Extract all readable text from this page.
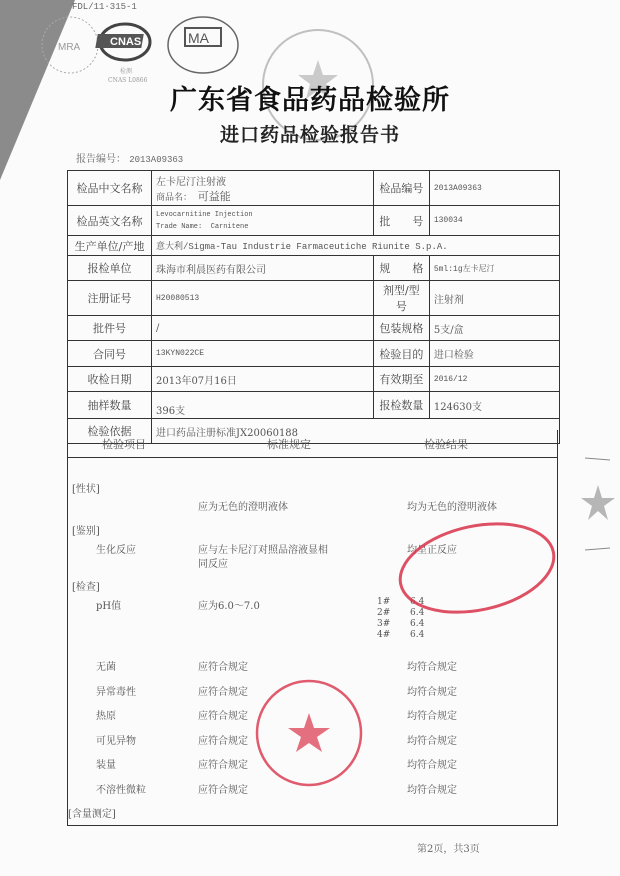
FDL/11·315-1
MRA	CNAS
检测
CNAS L0866
MA
广东省食品药品检验所
进口药品检验报告书
报告编号： 2013A09363
检品中文名称	左卡尼汀注射液
商品名： 可益能	检品编号	2013A09363
检品英文名称	Levocarnitine Injection
Trade Name: Carnitene	批　　号	130034
生产单位/产地	意大利/Sigma-Tau Industrie Farmaceutiche Riunite S.p.A.		
报检单位	珠海市利晨医药有限公司	规　　格	5ml:1g左卡尼汀
注册证号	H20080513	剂型/型号	注射剂
批件号	/	包装规格	5支/盒
合同号	13KYN022CE	检验目的	进口检验
收检日期	2013年07月16日	有效期至	2016/12
抽样数量	396支	报检数量	124630支
检验依据	进口药品注册标准JX20060188		
检验项目	标准规定	检验结果
[性状]
应为无色的澄明液体	均为无色的澄明液体
[鉴别]
生化反应	应与左卡尼汀对照品溶液显相
同反应
均呈正反应
[检查]
pH值	应为6.0～7.0	1# 6.4
2# 6.4
3# 6.4
4# 6.4
无菌	应符合规定	均符合规定
异常毒性	应符合规定	均符合规定
热原	应符合规定	均符合规定
可见异物	应符合规定	均符合规定
装量	应符合规定	均符合规定
不溶性微粒	应符合规定	均符合规定
[含量测定]
第2页，共3页
